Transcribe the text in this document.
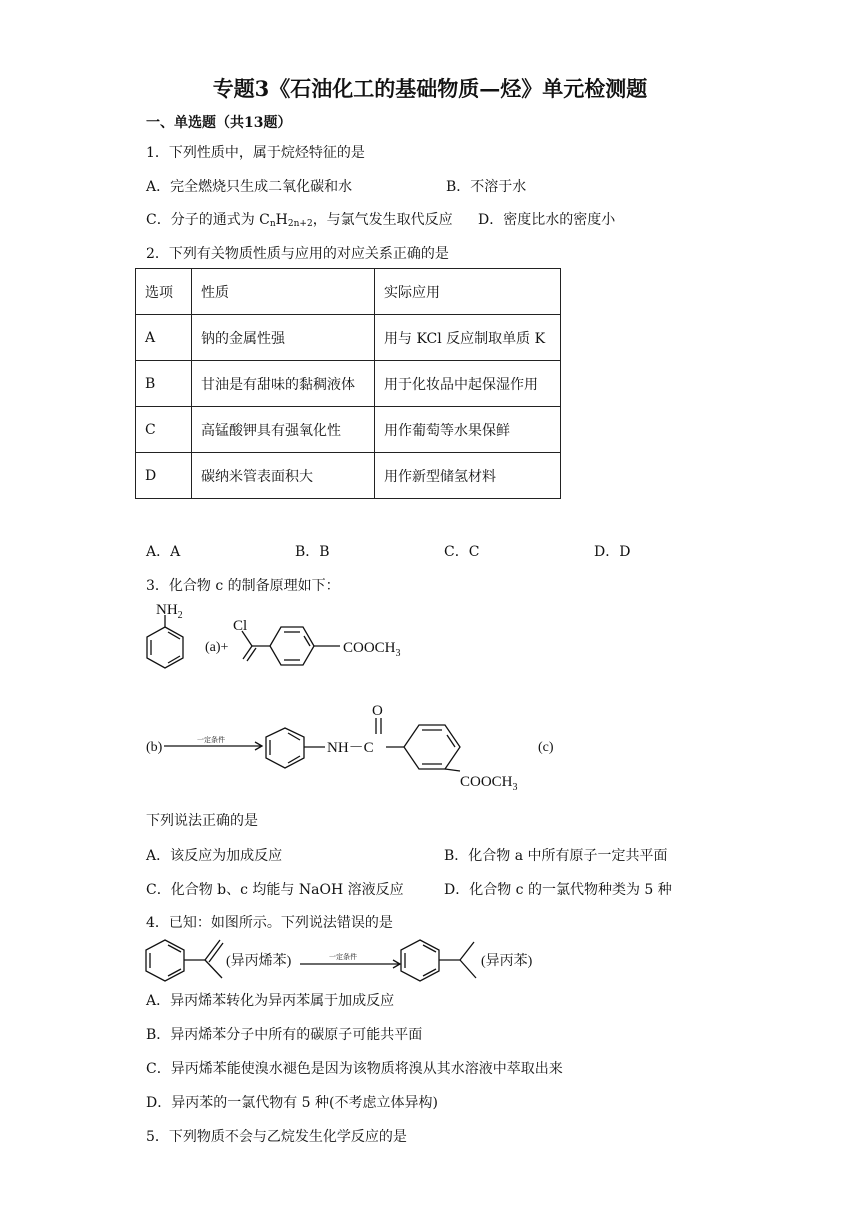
专题3《石油化工的基础物质—烃》单元检测题
一、单选题（共13题）
1．下列性质中，属于烷烃特征的是
A．完全燃烧只生成二氧化碳和水	B．不溶于水
C．分子的通式为 $C_nH_{2n+2}$，与氯气发生取代反应 D．密度比水的密度小
2．下列有关物质性质与应用的对应关系正确的是
选项	性质	实际应用
A	钠的金属性强	用与 KCl 反应制取单质 K
B	甘油是有甜味的黏稠液体	用于化妆品中起保湿作用
C	高锰酸钾具有强氧化性	用作葡萄等水果保鲜
D	碳纳米管表面积大	用作新型储氢材料
A．A	B．B	C．C	D．D
3．化合物 c 的制备原理如下：
$NH_2$
(a)+
Cl
$COOCH_3$
(b)	一定条件
O
NH－C
$COOCH_3$
(c)
下列说法正确的是
A．该反应为加成反应	B．化合物 a 中所有原子一定共平面
C．化合物 b、c 均能与 NaOH 溶液反应	D．化合物 c 的一氯代物种类为 5 种
4．已知：如图所示。下列说法错误的是
(异丙烯苯)	一定条件	(异丙苯)
A．异丙烯苯转化为异丙苯属于加成反应
B．异丙烯苯分子中所有的碳原子可能共平面
C．异丙烯苯能使溴水褪色是因为该物质将溴从其水溶液中萃取出来
D．异丙苯的一氯代物有 5 种(不考虑立体异构)
5．下列物质不会与乙烷发生化学反应的是
